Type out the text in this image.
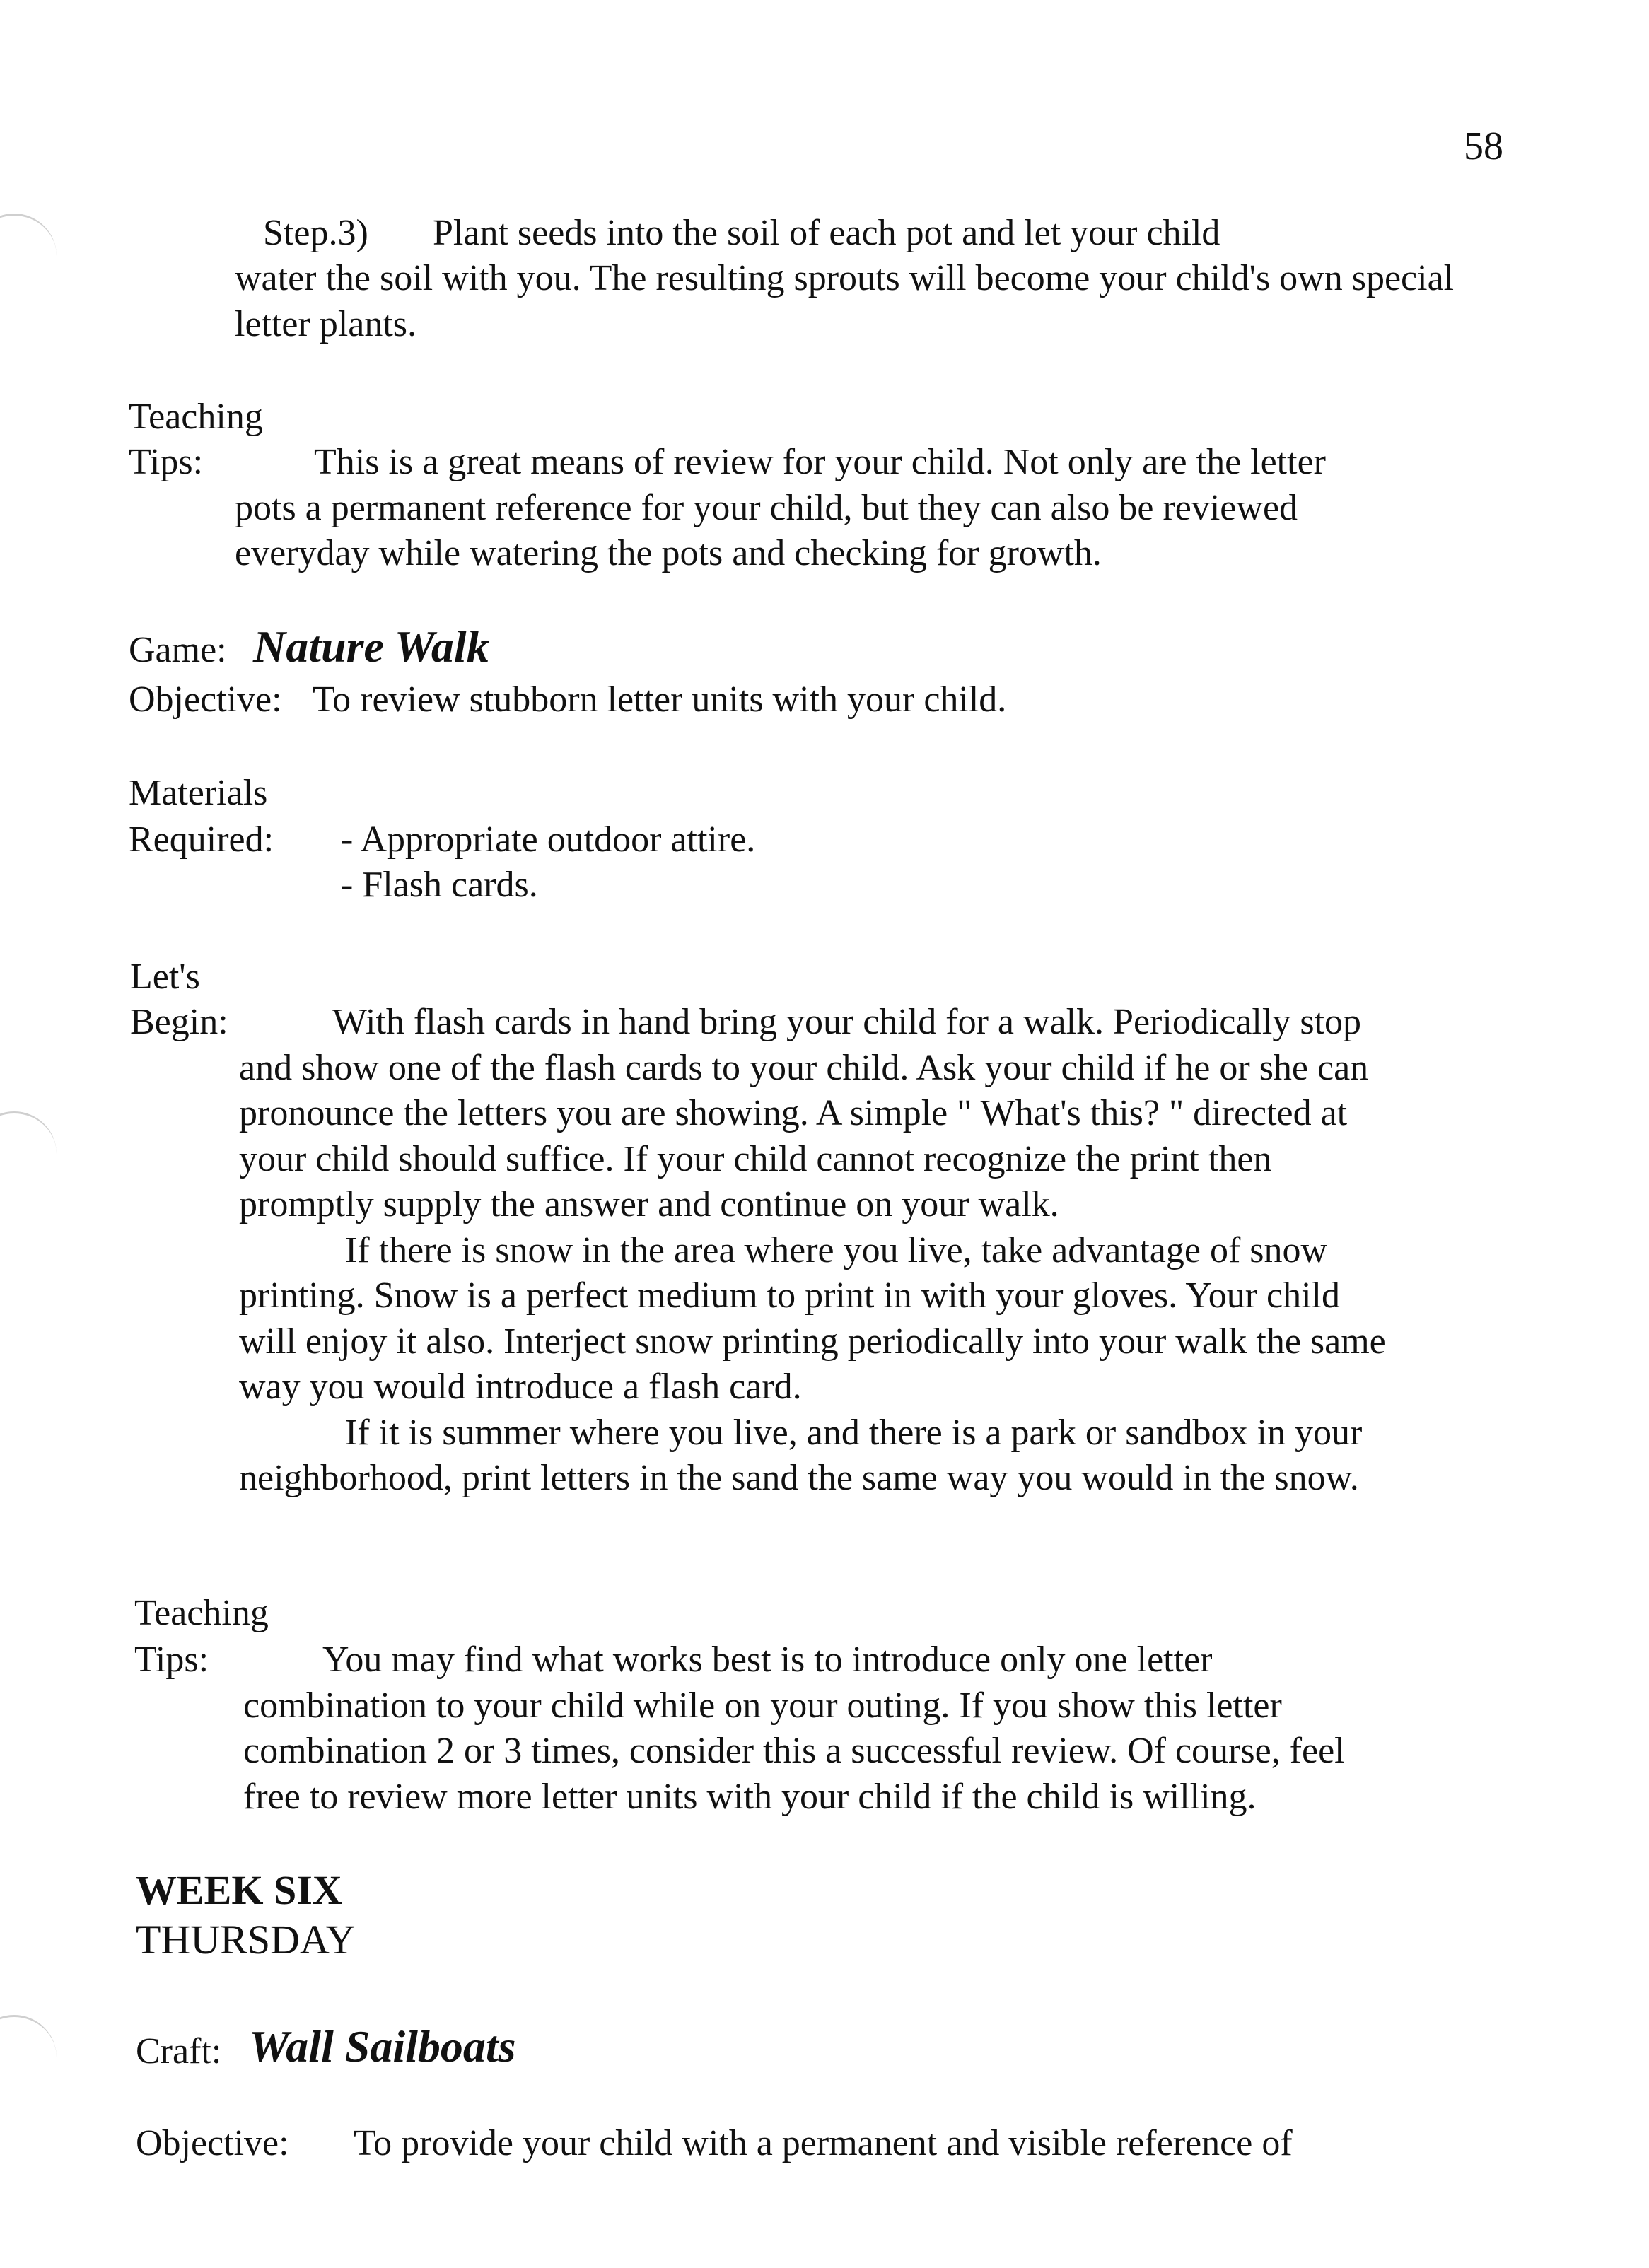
58
Step.3) Plant seeds into the soil of each pot and let your child

water the soil with you. The resulting sprouts will become your child's own special letter plants.

Teaching
Tips:	This is a great means of review for your child. Not only are the letter pots a permanent reference for your child, but they can also be reviewed everyday while watering the pots and checking for growth.
Game: Nature Walk
Objective: To review stubborn letter units with your child.
Materials
Required: - Appropriate outdoor attire.
- Flash cards.
Let's
Begin:	With flash cards in hand bring your child for a walk. Periodically stop and show one of the flash cards to your child. Ask your child if he or she can pronounce the letters you are showing. A simple " What's this? " directed at your child should suffice. If your child cannot recognize the print then promptly supply the answer and continue on your walk.

If there is snow in the area where you live, take advantage of snow printing. Snow is a perfect medium to print in with your gloves. Your child will enjoy it also. Interject snow printing periodically into your walk the same way you would introduce a flash card.

If it is summer where you live, and there is a park or sandbox in your neighborhood, print letters in the sand the same way you would in the snow.

Teaching
Tips:	You may find what works best is to introduce only one letter combination to your child while on your outing. If you show this letter combination 2 or 3 times, consider this a successful review. Of course, feel free to review more letter units with your child if the child is willing.
WEEK SIX
THURSDAY
Craft: Wall Sailboats
Objective: To provide your child with a permanent and visible reference of
